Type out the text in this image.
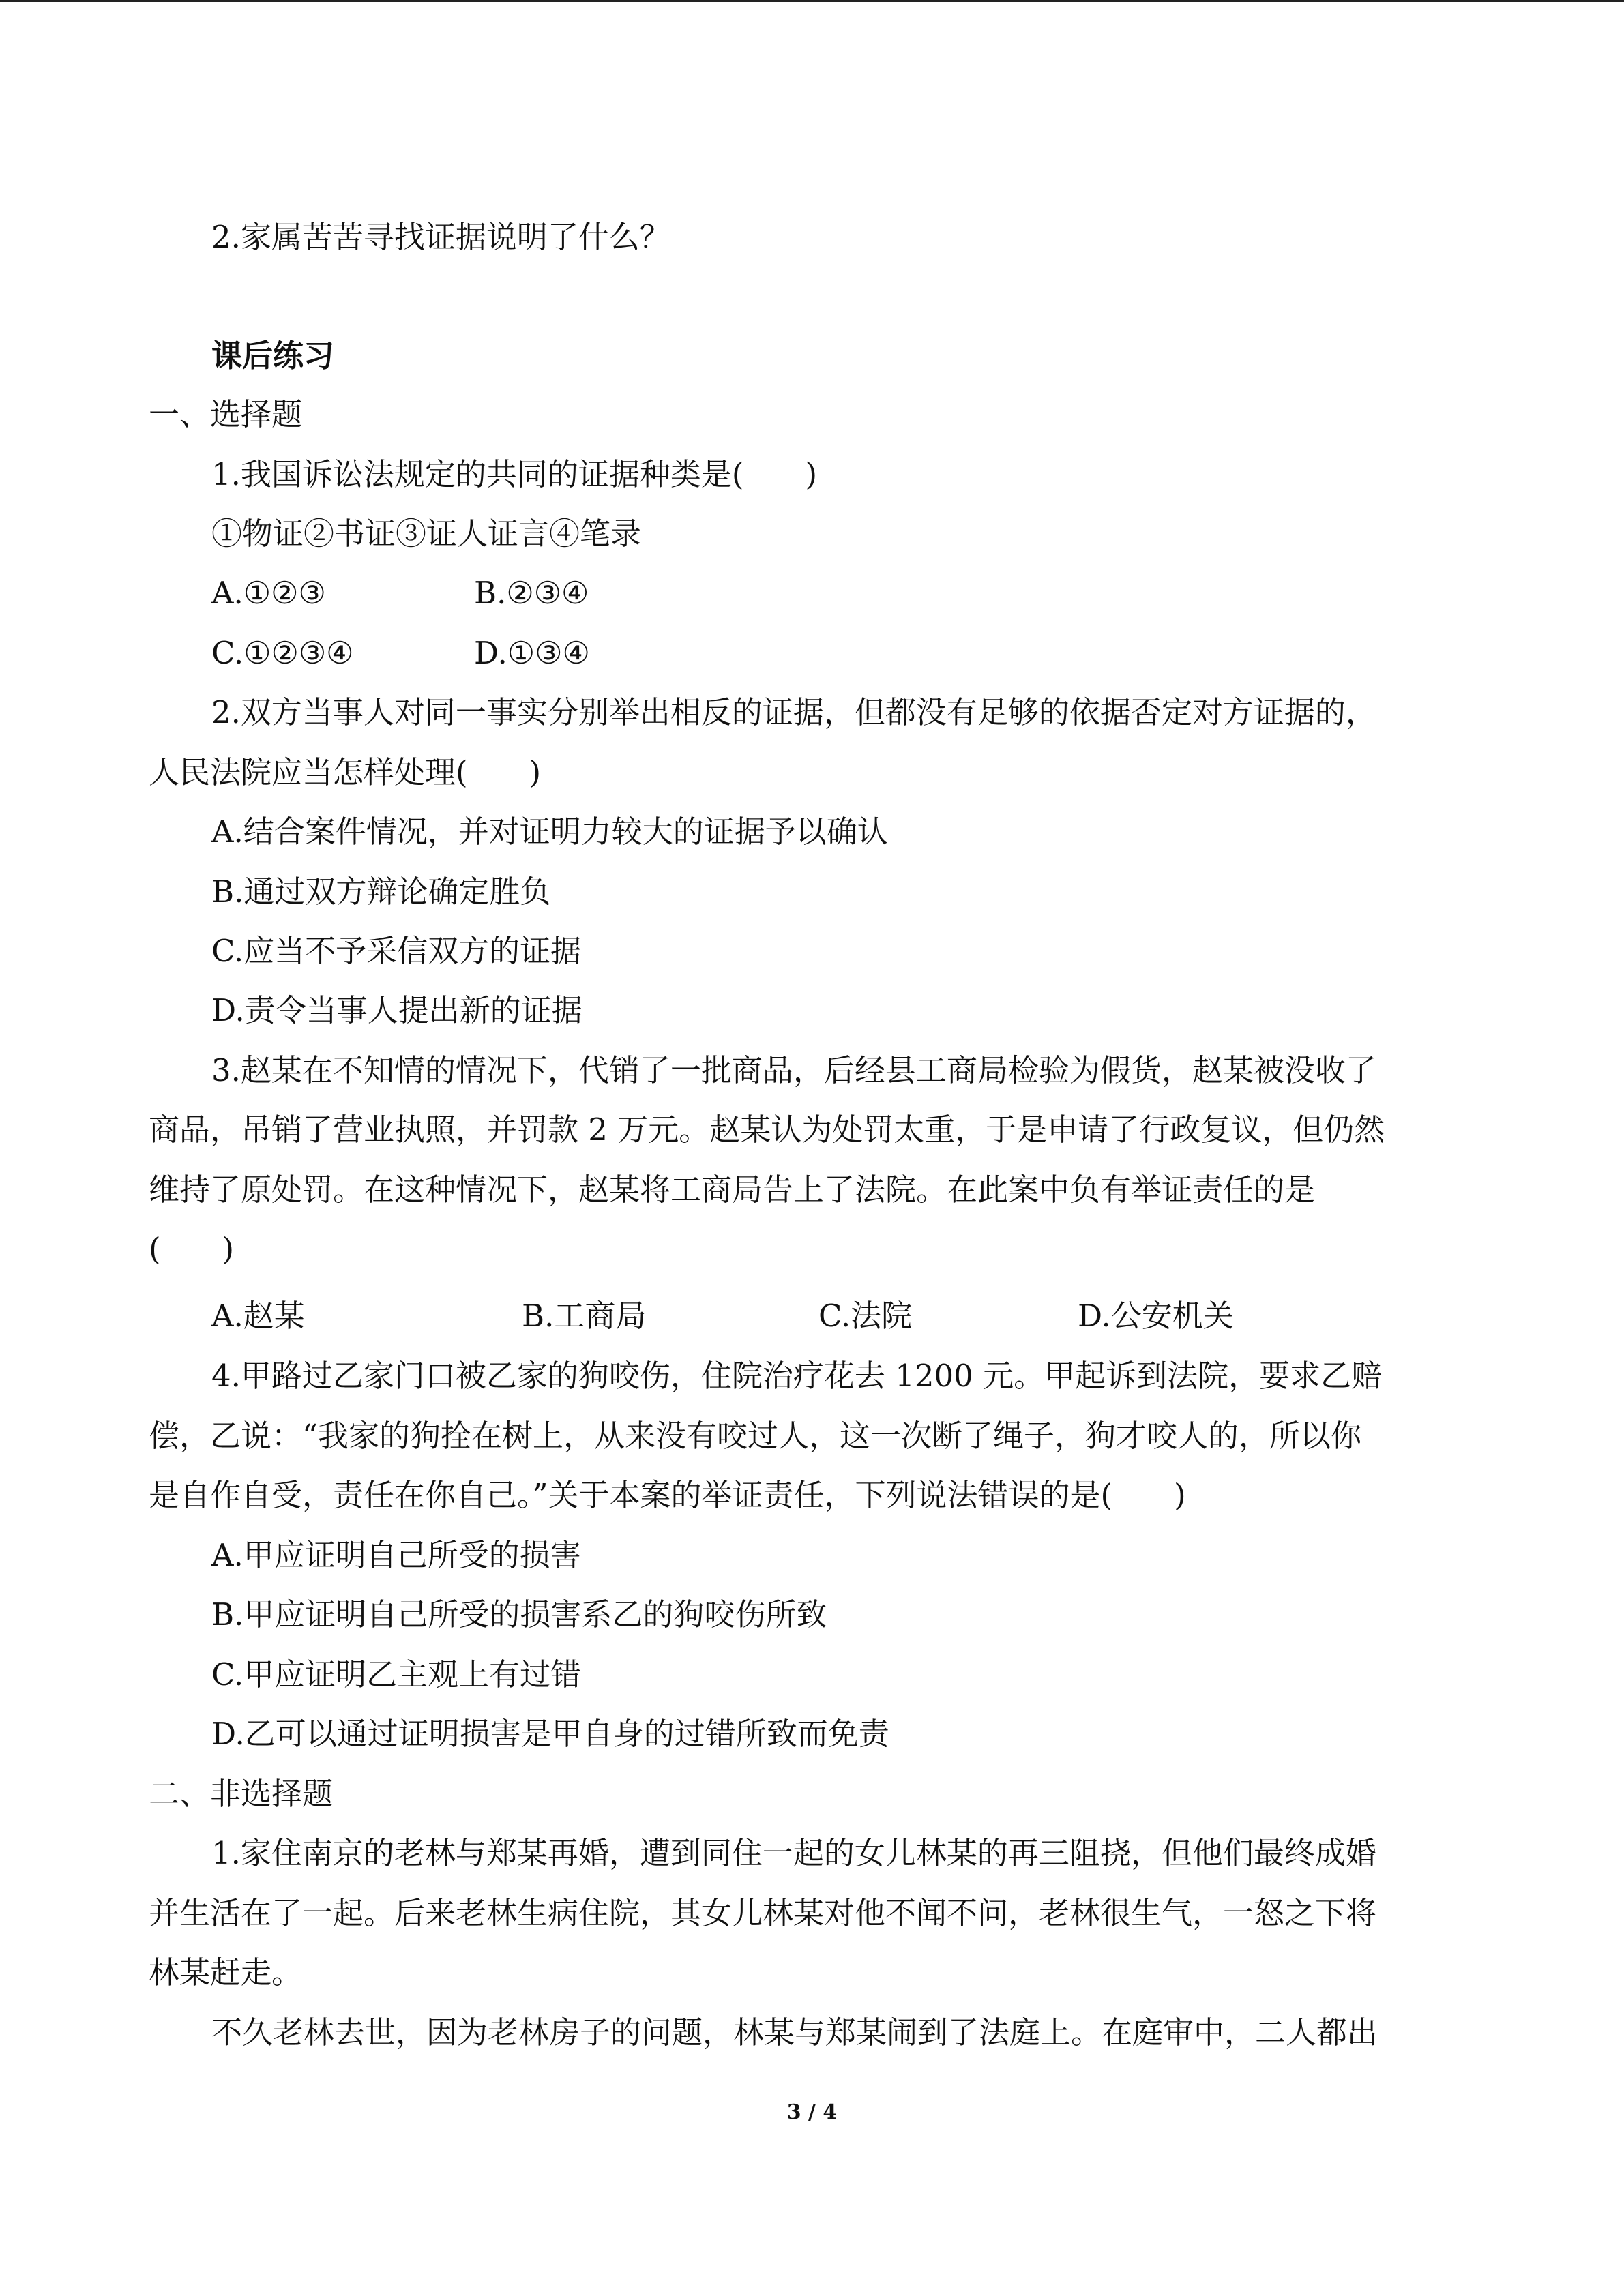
2.家属苦苦寻找证据说明了什么？
课后练习
一、选择题
1.我国诉讼法规定的共同的证据种类是(　　)
①物证②书证③证人证言④笔录
A.①②③	B.②③④
C.①②③④	D.①③④
2.双方当事人对同一事实分别举出相反的证据，但都没有足够的依据否定对方证据的，
人民法院应当怎样处理(　　)
A.结合案件情况，并对证明力较大的证据予以确认
B.通过双方辩论确定胜负
C.应当不予采信双方的证据
D.责令当事人提出新的证据
3.赵某在不知情的情况下，代销了一批商品，后经县工商局检验为假货，赵某被没收了
商品，吊销了营业执照，并罚款 2 万元。赵某认为处罚太重，于是申请了行政复议，但仍然
维持了原处罚。在这种情况下，赵某将工商局告上了法院。在此案中负有举证责任的是
(　　)
A.赵某	B.工商局	C.法院	D.公安机关
4.甲路过乙家门口被乙家的狗咬伤，住院治疗花去 1200 元。甲起诉到法院，要求乙赔
偿，乙说：“我家的狗拴在树上，从来没有咬过人，这一次断了绳子，狗才咬人的，所以你
是自作自受，责任在你自己。”关于本案的举证责任，下列说法错误的是(　　)
A.甲应证明自己所受的损害
B.甲应证明自己所受的损害系乙的狗咬伤所致
C.甲应证明乙主观上有过错
D.乙可以通过证明损害是甲自身的过错所致而免责
二、非选择题
1.家住南京的老林与郑某再婚，遭到同住一起的女儿林某的再三阻挠，但他们最终成婚
并生活在了一起。后来老林生病住院，其女儿林某对他不闻不问，老林很生气，一怒之下将
林某赶走。
不久老林去世，因为老林房子的问题，林某与郑某闹到了法庭上。在庭审中，二人都出
3 / 4
